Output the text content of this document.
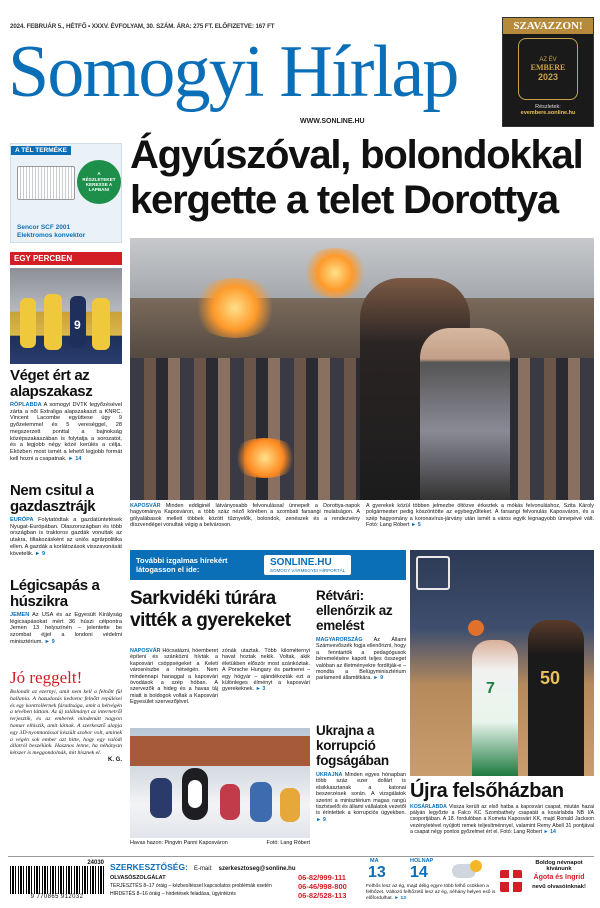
2024. FEBRUÁR 5., HÉTFŐ • XXXV. ÉVFOLYAM, 30. SZÁM. ÁRA: 275 FT. ELŐFIZETVE: 167 FT
Somogyi Hírlap
WWW.SONLINE.HU
SZAVAZZON!
AZ ÉV
EMBERE
2023
Részletek:
evembere.sonline.hu
A TÉL TERMÉKE
A RÉSZLETEKET KERESSE A LAPBAN!
Sencor SCF 2001
Elektromos konvektor
EGY PERCBEN
9
Véget ért az alapszakasz
RÖPLABDA A somogyi DVTK legyőzésével zárta a női Extraliga alapszakaszt a KNRC. Vincent Lacombe együttese úgy 9 győzelemmel és 5 vereséggel, 28 megszerzett ponttal a bajnokság középszakaszában is folytatja a sorozatot, és a legjobb négy közé kerülés a célja. Eközben most ismét a lehető legjobb formát kell hozni a csapatnak. ► 14
Nem csitul a gazdasztrájk
EURÓPA Folytatódtak a gazdatüntetések Nyugat-Európában. Olaszországban és több országban is traktoros gazdák vonultak az utakra, tiltakozásként az uniós agrárpolitika ellen. A gazdák a korlátozások visszavonását követelik. ► 9
Légicsapás a húszikra
JEMEN Az USA és az Egyesült Királyság légicsapásokat mért 36 húszi célpontra Jemen 13 helyszínén – jelentette be szombat éjjel a londoni védelmi minisztérium. ► 9
Jó reggelt!
Bolondít az ezernyi, amit nem kell a felnőtt fül hallania. A hazudozás kedvenc felnőtt repülései és egy kontrollernek fáradtsága, amit a hétvégén a tévében láttam. Az új találmányt az internetről terjesztik, és az emberek mindenütt nagyon hamar elhiszik, amit látnak. A szerkesztő alapja egy 3D-nyomtatással készült szobor volt, aminek a végén sok ember azt hitte, hogy egy valódi állatról beszélünk. Hasznos lenne, ha néhányan kétszer is meggondolnák, mit hisznek el.
K. G.
Ágyúszóval, bolondokkal kergette a telet Dorottya
KAPOSVÁR Minden eddiginél látványosabb felvonulással ünnepelt a Dorottya-napok hagyománya Kaposváron, a több száz néző körében a szombati farsangi mulatságon. A gólyalábasok mellett többek között tűznyelők, bolondok, zenészek és a rendezvény díszvendégei vonultak végig a belvároson.
A gyerekek közül többen jelmezbe öltözve érkeztek a mókás felvonuláshoz, Szita Károly polgármester pedig köszöntötte az egybegyűlteket. A farsangi felvonulás Kaposváron, és a szép hagyomány a koronavírus-járvány után ismét a város egyik legnagyobb ünnepévé vált. Fotó: Lang Róbert ► 5
További izgalmas hírekért látogasson el ide:
SONLINE.HU
SOMOGY VÁRMEGYEI HÍRPORTÁL
Sarkvidéki túrára vitték a gyerekeket
NAPOSVÁR Hócsatázni, hóemberet építeni és szánkózni hívták a kaposvári csöppségeket a Keleti városrészbe a hétvégén. Nem mindennapi hanaggal a kaposvári óvodások a szép hóban. A szervezők a hideg és a havas táj miatt is boldogok voltak a Kaposvári Egyesület szervezőjével.
zónák utaztak. Több kilométernyi havat hoztak nekik. Voltak, akik életükben először most szánkóztak. A Porsche Hungary és partnerei – egy hógyár – ajándékozták ezt a különleges élményt a kaposvári gyerekeknek. ► 3
Havas hazon: Pingvin Panni Kaposváron	Fotó: Lang Róbert
Rétvári: ellenőrzik az emelést
MAGYARORSZÁG Az Állami Számvevőszék fogja ellenőrizni, hogy a fenntartók a pedagógusok béremelésére kapott teljes összeget valóban az illetményekre fordítják-e – mondta a Belügyminisztérium parlamenti államtitkára. ► 9
Ukrajna a korrupció fogságában
UKRAJNA Minden egyes hónapban több száz ezer dollárt is elsikkasztanak a katonai beszerzések során. A vizsgálatok szerint a minisztérium magas rangú tisztviselői és állami vállalatok vezetői is érintettek a korrupciós ügyekben. ► 9
7
50
Újra felsőházban
KOSÁRLABDA Vissza került az első hatba a kaposvári csapat, miután hazai pályán legyőzte a Falco KC Szombathely csapatát a kosárlabda NB I/A csoportjában. A 18. fordulóban a Kometa Kaposvári KK, majd Ronald Jackson vezényletével nyújtott remek teljesítménnyel, valamint Remy Abell 31 pontjával a csapat négy pontos győzelmet ért el. Fotó: Lang Róbert ► 14
24030
9 770865 912032
SZERKESZTŐSÉG: E-mail: szerkesztoseg@sonline.hu
OLVASÓSZOLGÁLAT
TERJESZTÉS 8–17 óráig – kézbesítéssel kapcsolatos problémák esetén
HIRDETÉS 8–16 óráig – hirdetések feladása, ügyintézés
06-82/999-111
06-46/998-800
06-82/528-113
MA
13
HOLNAP
14
Felhős lesz az ég, majd délig egyre több felhő csökken a felhőzet. Változó felhőzetű lesz az ég, néhány helyen eső is előfordulhat. ► 13
Boldog névnapot kívánunk
Ágota és Ingrid
nevű olvasóinknak!
